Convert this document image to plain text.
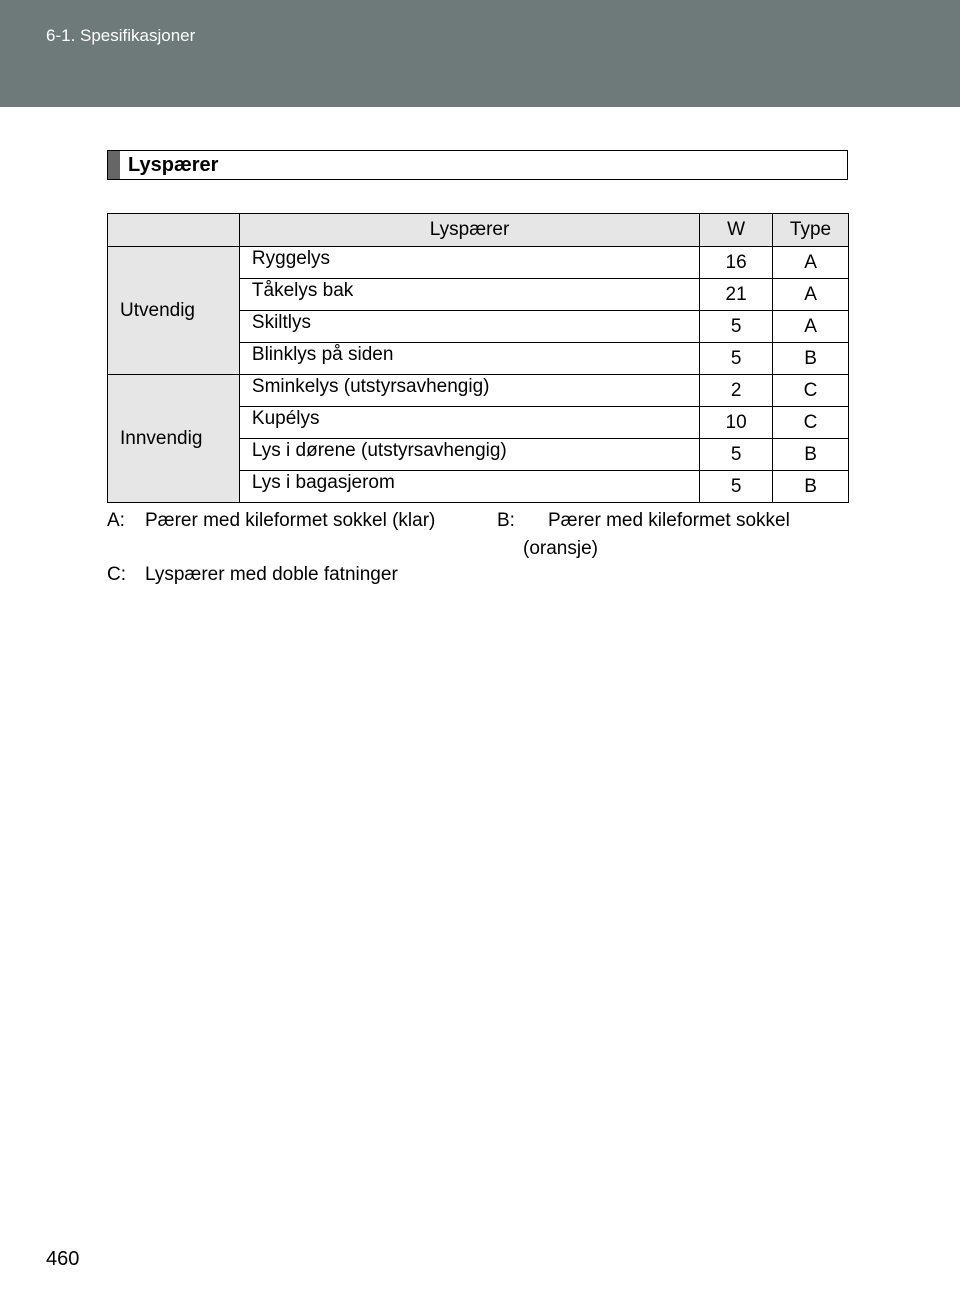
6-1. Spesifikasjoner
Lyspærer
	Lyspærer	W	Type
Utvendig	Ryggelys	16	A
	Tåkelys bak	21	A
	Skiltlys	5	A
	Blinklys på siden	5	B
Innvendig	Sminkelys (utstyrsavhengig)	2	C
	Kupélys	10	C
	Lys i dørene (utstyrsavhengig)	5	B
	Lys i bagasjerom	5	B
A: Pærer med kileformet sokkel (klar)	B: Pærer med kileformet sokkel
(oransje)
C: Lyspærer med doble fatninger
460
